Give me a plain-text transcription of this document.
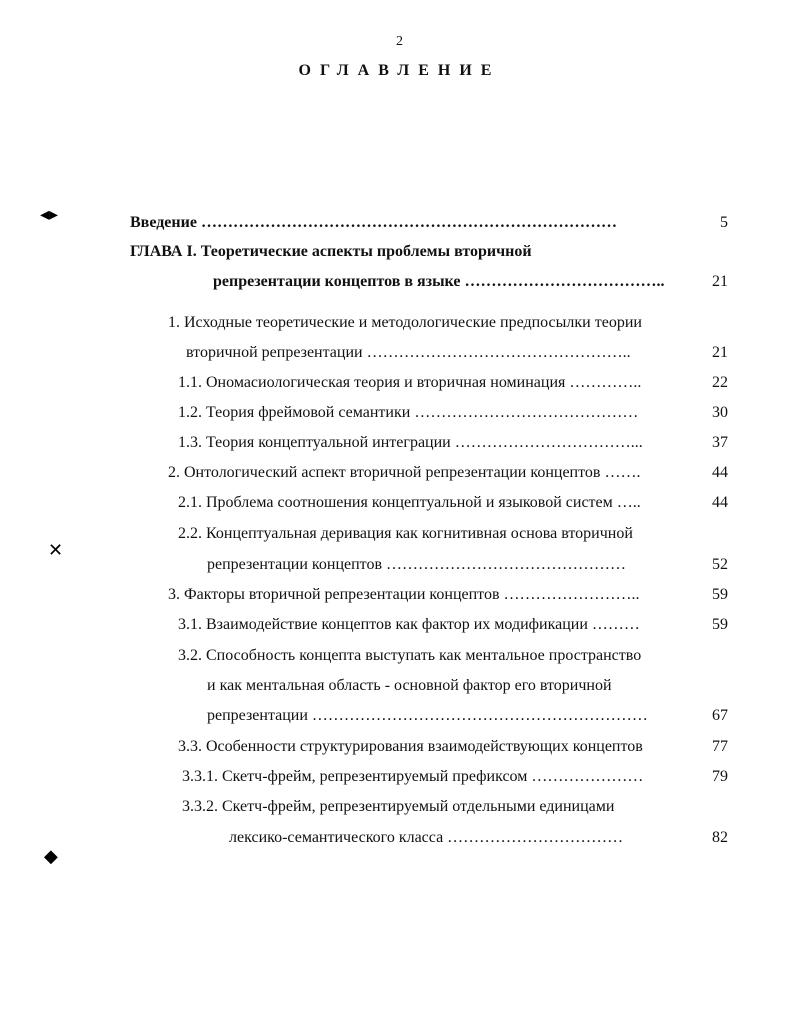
2
ОГЛАВЛЕНИЕ
◂▸
✕
◆
Введение ……………………………………………………………………	5
ГЛАВА I. Теоретические аспекты проблемы вторичной
репрезентации концептов в языке ………………………………..	21
1. Исходные теоретические и методологические предпосылки теории
вторичной репрезентации …………………………………………..	21
1.1. Ономасиологическая теория и вторичная номинация …………..	22
1.2. Теория фреймовой семантики ……………………………………	30
1.3. Теория концептуальной интеграции ……………………………...	37
2. Онтологический аспект вторичной репрезентации концептов …….	44
2.1. Проблема соотношения концептуальной и языковой систем …..	44
2.2. Концептуальная деривация как когнитивная основа вторичной
репрезентации концептов ………………………………………	52
3. Факторы вторичной репрезентации концептов ……………………..	59
3.1. Взаимодействие концептов как фактор их модификации ………	59
3.2. Способность концепта выступать как ментальное пространство
и как ментальная область - основной фактор его вторичной
репрезентации ………………………………………………………	67
3.3. Особенности структурирования взаимодействующих концептов	77
3.3.1. Скетч-фрейм, репрезентируемый префиксом …………………	79
3.3.2. Скетч-фрейм, репрезентируемый отдельными единицами
лексико-семантического класса ……………………………	82
